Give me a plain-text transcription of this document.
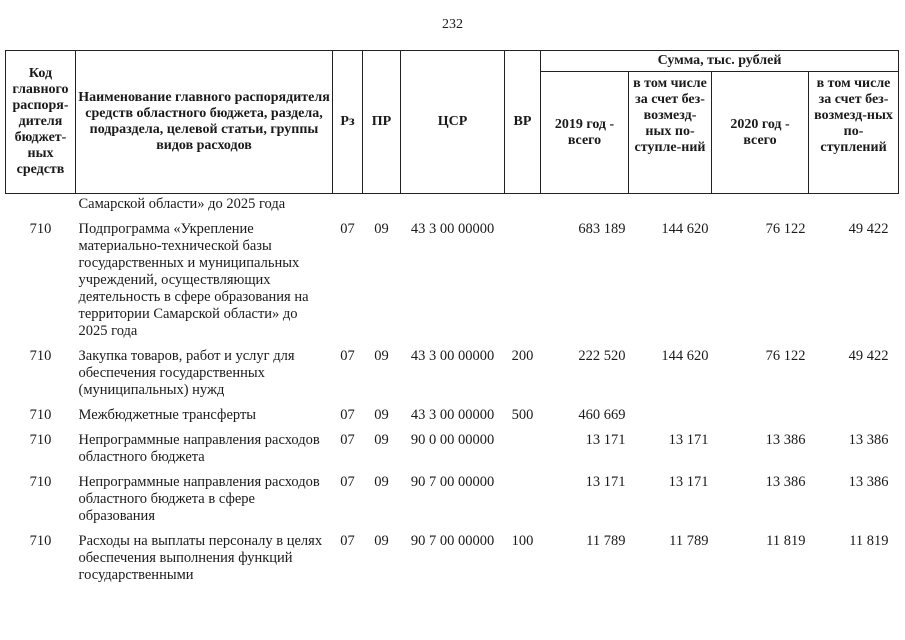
232
Код главного распоря-дителя бюджет-ных средств	Наименование главного распорядителя средств областного бюджета, раздела, подраздела, целевой статьи, группы видов расходов	Рз	ПР	ЦСР	ВР	Сумма, тыс. рублей			
						2019 год - всего	в том числе за счет без-возмезд-ных по-ступле-ний	2020 год - всего	в том числе за счет без-возмезд-ных по-ступлений
	Самарской области» до 2025 года								
710	Подпрограмма «Укрепление материально-технической базы государственных и муниципальных учреждений, осуществляющих деятельность в сфере образования на территории Самарской области» до 2025 года	07	09	43 3 00 00000		683 189	144 620	76 122	49 422
710	Закупка товаров, работ и услуг для обеспечения государственных (муниципальных) нужд	07	09	43 3 00 00000	200	222 520	144 620	76 122	49 422
710	Межбюджетные трансферты	07	09	43 3 00 00000	500	460 669			
710	Непрограммные направления расходов областного бюджета	07	09	90 0 00 00000		13 171	13 171	13 386	13 386
710	Непрограммные направления расходов областного бюджета в сфере образования	07	09	90 7 00 00000		13 171	13 171	13 386	13 386
710	Расходы на выплаты персоналу в целях обеспечения выполнения функций государственными	07	09	90 7 00 00000	100	11 789	11 789	11 819	11 819
